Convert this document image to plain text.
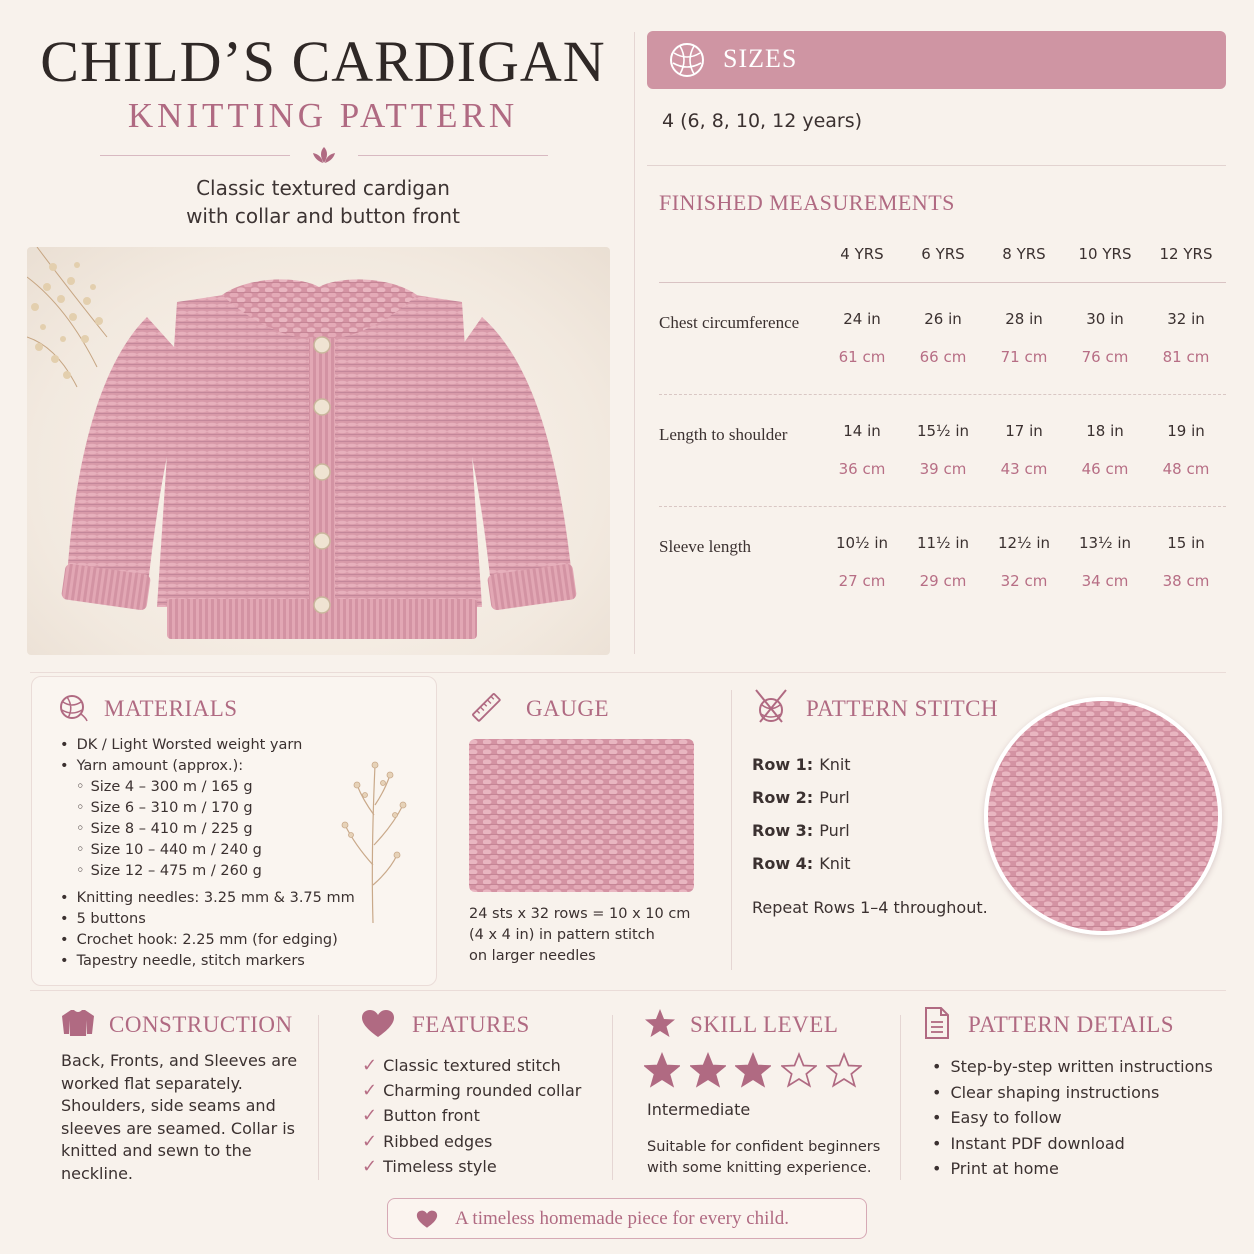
CHILD’S CARDIGAN
KNITTING PATTERN
Classic textured cardigan
with collar and button front
SIZES
4 (6, 8, 10, 12 years)
FINISHED MEASUREMENTS
4 YRS	6 YRS	8 YRS	10 YRS	12 YRS
Chest circumference	24 in	26 in	28 in	30 in	32 in
61 cm	66 cm	71 cm	76 cm	81 cm
Length to shoulder	14 in	15½ in	17 in	18 in	19 in
36 cm	39 cm	43 cm	46 cm	48 cm
Sleeve length	10½ in	11½ in	12½ in	13½ in	15 in
27 cm	29 cm	32 cm	34 cm	38 cm
MATERIALS
• DK / Light Worsted weight yarn
• Yarn amount (approx.):
◦ Size 4 – 300 m / 165 g
◦ Size 6 – 310 m / 170 g
◦ Size 8 – 410 m / 225 g
◦ Size 10 – 440 m / 240 g
◦ Size 12 – 475 m / 260 g
• Knitting needles: 3.25 mm & 3.75 mm
• 5 buttons
• Crochet hook: 2.25 mm (for edging)
• Tapestry needle, stitch markers
GAUGE
24 sts x 32 rows = 10 x 10 cm
(4 x 4 in) in pattern stitch
on larger needles
PATTERN STITCH
Row 1: Knit
Row 2: Purl
Row 3: Purl
Row 4: Knit
Repeat Rows 1–4 throughout.
CONSTRUCTION
Back, Fronts, and Sleeves are worked flat separately. Shoulders, side seams and sleeves are seamed. Collar is knitted and sewn to the neckline.
FEATURES
✓ Classic textured stitch
✓ Charming rounded collar
✓ Button front
✓ Ribbed edges
✓ Timeless style
SKILL LEVEL
Intermediate
Suitable for confident beginners
with some knitting experience.
PATTERN DETAILS
• Step-by-step written instructions
• Clear shaping instructions
• Easy to follow
• Instant PDF download
• Print at home
A timeless homemade piece for every child.
